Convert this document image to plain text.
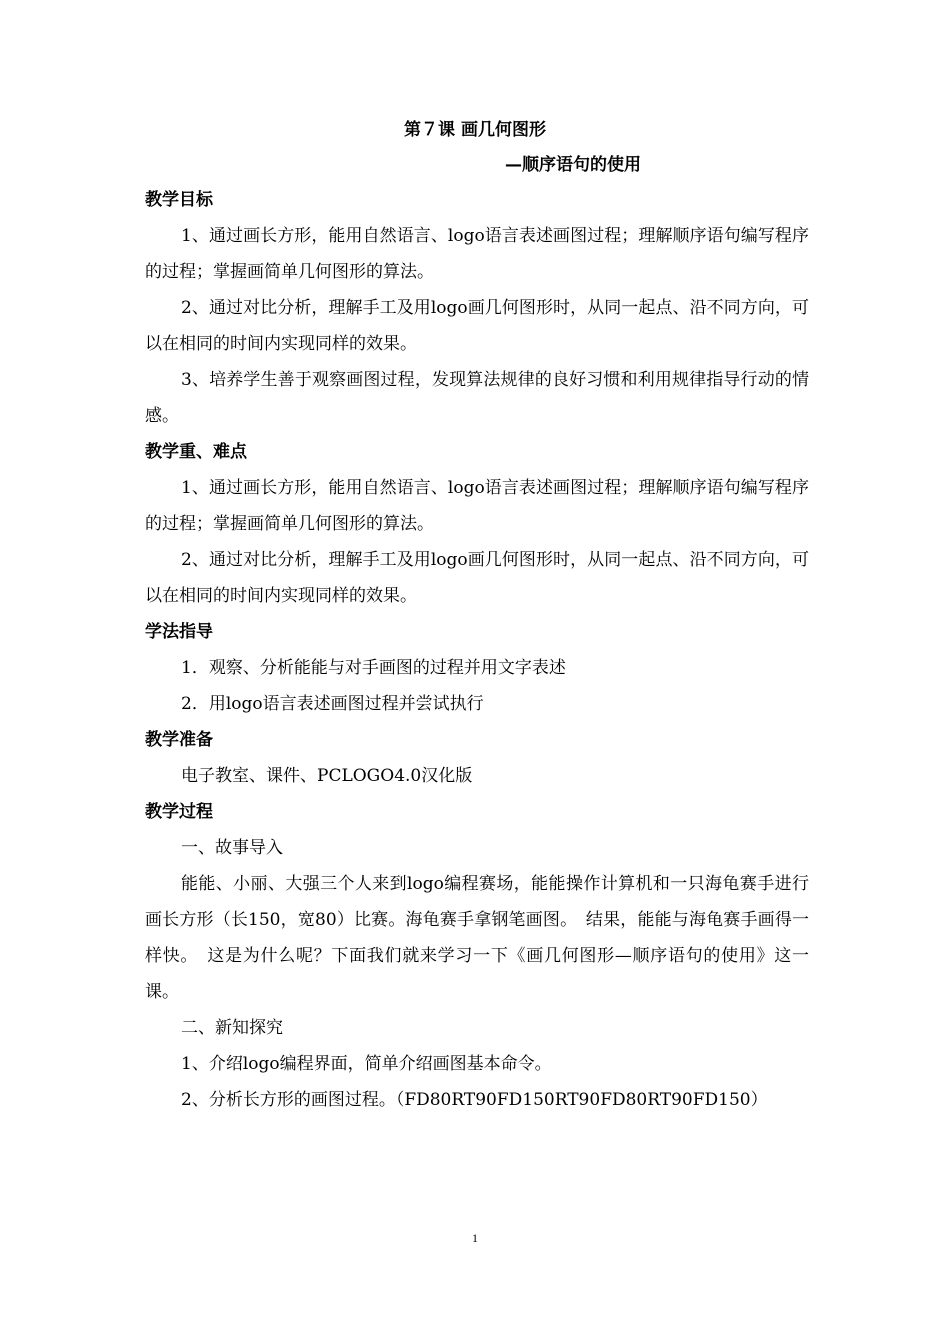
第７课 画几何图形
—顺序语句的使用
教学目标

1、通过画长方形，能用自然语言、logo语言表述画图过程；理解顺序语句编写程序的过程；掌握画简单几何图形的算法。

2、通过对比分析，理解手工及用logo画几何图形时，从同一起点、沿不同方向，可以在相同的时间内实现同样的效果。

3、培养学生善于观察画图过程，发现算法规律的良好习惯和利用规律指导行动的情感。

教学重、难点

1、通过画长方形，能用自然语言、logo语言表述画图过程；理解顺序语句编写程序的过程；掌握画简单几何图形的算法。

2、通过对比分析，理解手工及用logo画几何图形时，从同一起点、沿不同方向，可以在相同的时间内实现同样的效果。

学法指导

1．观察、分析能能与对手画图的过程并用文字表述

2．用logo语言表述画图过程并尝试执行

教学准备

电子教室、课件、PCLOGO4.0汉化版

教学过程

一、故事导入

能能、小丽、大强三个人来到logo编程赛场，能能操作计算机和一只海龟赛手进行画长方形（长150，宽80）比赛。海龟赛手拿钢笔画图。　结果，能能与海龟赛手画得一样快。　这是为什么呢？下面我们就来学习一下《画几何图形—顺序语句的使用》这一课。

二、新知探究

1、介绍logo编程界面，简单介绍画图基本命令。

2、分析长方形的画图过程。（FD80RT90FD150RT90FD80RT90FD150）

1
